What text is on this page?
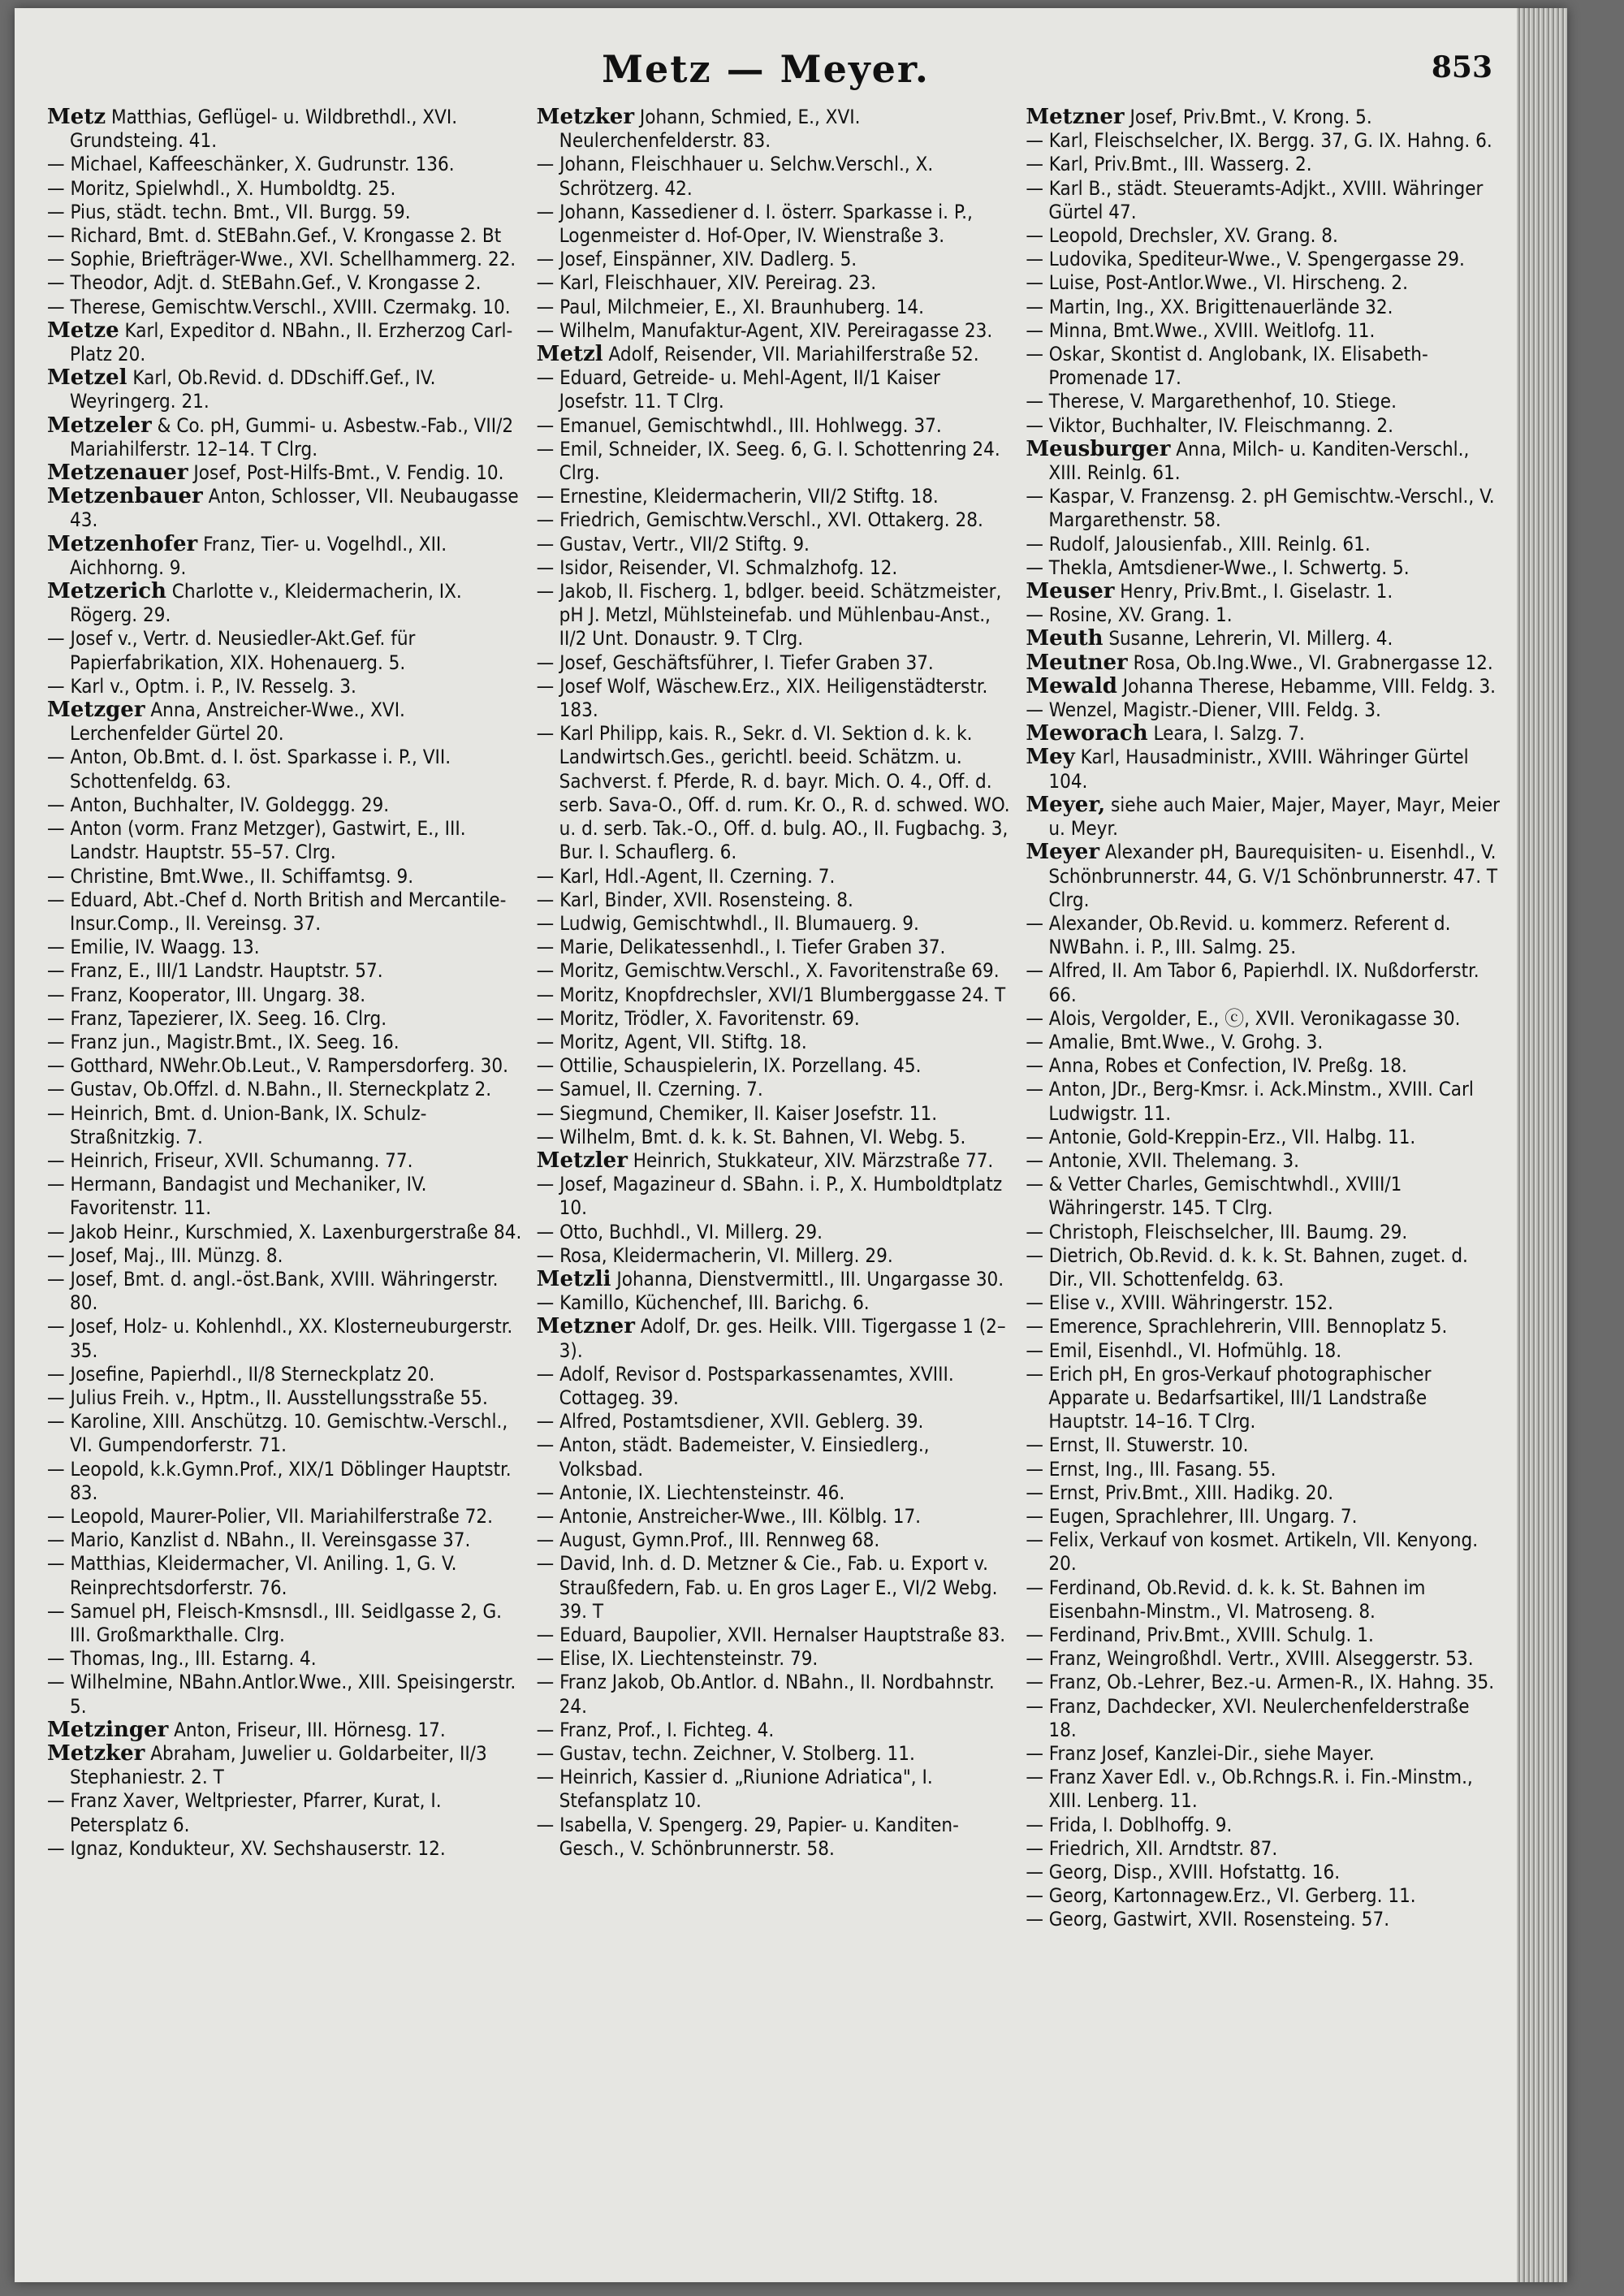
Metz — Meyer.	853

Metz Matthias, Geflügel- u. Wildbrethdl., XVI. Grundsteing. 41.

— Michael, Kaffeeschänker, X. Gudrunstr. 136.

— Moritz, Spielwhdl., X. Humboldtg. 25.

— Pius, städt. techn. Bmt., VII. Burgg. 59.

— Richard, Bmt. d. StEBahn.Gef., V. Krongasse 2. Bt

— Sophie, Briefträger-Wwe., XVI. Schellhammerg. 22.

— Theodor, Adjt. d. StEBahn.Gef., V. Krongasse 2.

— Therese, Gemischtw.Verschl., XVIII. Czermakg. 10.

Metze Karl, Expeditor d. NBahn., II. Erzherzog Carl-Platz 20.

Metzel Karl, Ob.Revid. d. DDschiff.Gef., IV. Weyringerg. 21.

Metzeler & Co. pH, Gummi- u. Asbestw.-Fab., VII/2 Mariahilferstr. 12–14. T Clrg.

Metzenauer Josef, Post-Hilfs-Bmt., V. Fendig. 10.

Metzenbauer Anton, Schlosser, VII. Neubaugasse 43.

Metzenhofer Franz, Tier- u. Vogelhdl., XII. Aichhorng. 9.

Metzerich Charlotte v., Kleidermacherin, IX. Rögerg. 29.

— Josef v., Vertr. d. Neusiedler-Akt.Gef. für Papierfabrikation, XIX. Hohenauerg. 5.

— Karl v., Optm. i. P., IV. Resselg. 3.

Metzger Anna, Anstreicher-Wwe., XVI. Lerchenfelder Gürtel 20.

— Anton, Ob.Bmt. d. I. öst. Sparkasse i. P., VII. Schottenfeldg. 63.

— Anton, Buchhalter, IV. Goldeggg. 29.

— Anton (vorm. Franz Metzger), Gastwirt, E., III. Landstr. Hauptstr. 55–57. Clrg.

— Christine, Bmt.Wwe., II. Schiffamtsg. 9.

— Eduard, Abt.-Chef d. North British and Mercantile-Insur.Comp., II. Vereinsg. 37.

— Emilie, IV. Waagg. 13.

— Franz, E., III/1 Landstr. Hauptstr. 57.

— Franz, Kooperator, III. Ungarg. 38.

— Franz, Tapezierer, IX. Seeg. 16. Clrg.

— Franz jun., Magistr.Bmt., IX. Seeg. 16.

— Gotthard, NWehr.Ob.Leut., V. Rampersdorferg. 30.

— Gustav, Ob.Offzl. d. N.Bahn., II. Sterneckplatz 2.

— Heinrich, Bmt. d. Union-Bank, IX. Schulz-Straßnitzkig. 7.

— Heinrich, Friseur, XVII. Schumanng. 77.

— Hermann, Bandagist und Mechaniker, IV. Favoritenstr. 11.

— Jakob Heinr., Kurschmied, X. Laxenburgerstraße 84.

— Josef, Maj., III. Münzg. 8.

— Josef, Bmt. d. angl.-öst.Bank, XVIII. Währingerstr. 80.

— Josef, Holz- u. Kohlenhdl., XX. Klosterneuburgerstr. 35.

— Josefine, Papierhdl., II/8 Sterneckplatz 20.

— Julius Freih. v., Hptm., II. Ausstellungsstraße 55.

— Karoline, XIII. Anschützg. 10. Gemischtw.-Verschl., VI. Gumpendorferstr. 71.

— Leopold, k.k.Gymn.Prof., XIX/1 Döblinger Hauptstr. 83.

— Leopold, Maurer-Polier, VII. Mariahilferstraße 72.

— Mario, Kanzlist d. NBahn., II. Vereinsgasse 37.

— Matthias, Kleidermacher, VI. Aniling. 1, G. V. Reinprechtsdorferstr. 76.

— Samuel pH, Fleisch-Kmsnsdl., III. Seidlgasse 2, G. III. Großmarkthalle. Clrg.

— Thomas, Ing., III. Estarng. 4.

— Wilhelmine, NBahn.Antlor.Wwe., XIII. Speisingerstr. 5.

Metzinger Anton, Friseur, III. Hörnesg. 17.

Metzker Abraham, Juwelier u. Goldarbeiter, II/3 Stephaniestr. 2. T

— Franz Xaver, Weltpriester, Pfarrer, Kurat, I. Petersplatz 6.

— Ignaz, Kondukteur, XV. Sechshauserstr. 12.

Metzker Johann, Schmied, E., XVI. Neulerchenfelderstr. 83.

— Johann, Fleischhauer u. Selchw.Verschl., X. Schrötzerg. 42.

— Johann, Kassediener d. I. österr. Sparkasse i. P., Logenmeister d. Hof-Oper, IV. Wienstraße 3.

— Josef, Einspänner, XIV. Dadlerg. 5.

— Karl, Fleischhauer, XIV. Pereirag. 23.

— Paul, Milchmeier, E., XI. Braunhuberg. 14.

— Wilhelm, Manufaktur-Agent, XIV. Pereiragasse 23.

Metzl Adolf, Reisender, VII. Mariahilferstraße 52.

— Eduard, Getreide- u. Mehl-Agent, II/1 Kaiser Josefstr. 11. T Clrg.

— Emanuel, Gemischtwhdl., III. Hohlwegg. 37.

— Emil, Schneider, IX. Seeg. 6, G. I. Schottenring 24. Clrg.

— Ernestine, Kleidermacherin, VII/2 Stiftg. 18.

— Friedrich, Gemischtw.Verschl., XVI. Ottakerg. 28.

— Gustav, Vertr., VII/2 Stiftg. 9.

— Isidor, Reisender, VI. Schmalzhofg. 12.

— Jakob, II. Fischerg. 1, bdlger. beeid. Schätzmeister, pH J. Metzl, Mühlsteinefab. und Mühlenbau-Anst., II/2 Unt. Donaustr. 9. T Clrg.

— Josef, Geschäftsführer, I. Tiefer Graben 37.

— Josef Wolf, Wäschew.Erz., XIX. Heiligenstädterstr. 183.

— Karl Philipp, kais. R., Sekr. d. VI. Sektion d. k. k. Landwirtsch.Ges., gerichtl. beeid. Schätzm. u. Sachverst. f. Pferde, R. d. bayr. Mich. O. 4., Off. d. serb. Sava-O., Off. d. rum. Kr. O., R. d. schwed. WO. u. d. serb. Tak.-O., Off. d. bulg. AO., II. Fugbachg. 3, Bur. I. Schauflerg. 6.

— Karl, Hdl.-Agent, II. Czerning. 7.

— Karl, Binder, XVII. Rosensteing. 8.

— Ludwig, Gemischtwhdl., II. Blumauerg. 9.

— Marie, Delikatessenhdl., I. Tiefer Graben 37.

— Moritz, Gemischtw.Verschl., X. Favoritenstraße 69.

— Moritz, Knopfdrechsler, XVI/1 Blumberggasse 24. T

— Moritz, Trödler, X. Favoritenstr. 69.

— Moritz, Agent, VII. Stiftg. 18.

— Ottilie, Schauspielerin, IX. Porzellang. 45.

— Samuel, II. Czerning. 7.

— Siegmund, Chemiker, II. Kaiser Josefstr. 11.

— Wilhelm, Bmt. d. k. k. St. Bahnen, VI. Webg. 5.

Metzler Heinrich, Stukkateur, XIV. Märzstraße 77.

— Josef, Magazineur d. SBahn. i. P., X. Humboldtplatz 10.

— Otto, Buchhdl., VI. Millerg. 29.

— Rosa, Kleidermacherin, VI. Millerg. 29.

Metzli Johanna, Dienstvermittl., III. Ungargasse 30.

— Kamillo, Küchenchef, III. Barichg. 6.

Metzner Adolf, Dr. ges. Heilk. VIII. Tigergasse 1 (2–3).

— Adolf, Revisor d. Postsparkassenamtes, XVIII. Cottageg. 39.

— Alfred, Postamtsdiener, XVII. Geblerg. 39.

— Anton, städt. Bademeister, V. Einsiedlerg., Volksbad.

— Antonie, IX. Liechtensteinstr. 46.

— Antonie, Anstreicher-Wwe., III. Kölblg. 17.

— August, Gymn.Prof., III. Rennweg 68.

— David, Inh. d. D. Metzner & Cie., Fab. u. Export v. Straußfedern, Fab. u. En gros Lager E., VI/2 Webg. 39. T

— Eduard, Baupolier, XVII. Hernalser Hauptstraße 83.

— Elise, IX. Liechtensteinstr. 79.

— Franz Jakob, Ob.Antlor. d. NBahn., II. Nordbahnstr. 24.

— Franz, Prof., I. Fichteg. 4.

— Gustav, techn. Zeichner, V. Stolberg. 11.

— Heinrich, Kassier d. „Riunione Adriatica", I. Stefansplatz 10.

— Isabella, V. Spengerg. 29, Papier- u. Kanditen-Gesch., V. Schönbrunnerstr. 58.

Metzner Josef, Priv.Bmt., V. Krong. 5.

— Karl, Fleischselcher, IX. Bergg. 37, G. IX. Hahng. 6.

— Karl, Priv.Bmt., III. Wasserg. 2.

— Karl B., städt. Steueramts-Adjkt., XVIII. Währinger Gürtel 47.

— Leopold, Drechsler, XV. Grang. 8.

— Ludovika, Spediteur-Wwe., V. Spengergasse 29.

— Luise, Post-Antlor.Wwe., VI. Hirscheng. 2.

— Martin, Ing., XX. Brigittenauerlände 32.

— Minna, Bmt.Wwe., XVIII. Weitlofg. 11.

— Oskar, Skontist d. Anglobank, IX. Elisabeth-Promenade 17.

— Therese, V. Margarethenhof, 10. Stiege.

— Viktor, Buchhalter, IV. Fleischmanng. 2.

Meusburger Anna, Milch- u. Kanditen-Verschl., XIII. Reinlg. 61.

— Kaspar, V. Franzensg. 2. pH Gemischtw.-Verschl., V. Margarethenstr. 58.

— Rudolf, Jalousienfab., XIII. Reinlg. 61.

— Thekla, Amtsdiener-Wwe., I. Schwertg. 5.

Meuser Henry, Priv.Bmt., I. Giselastr. 1.

— Rosine, XV. Grang. 1.

Meuth Susanne, Lehrerin, VI. Millerg. 4.

Meutner Rosa, Ob.Ing.Wwe., VI. Grabnergasse 12.

Mewald Johanna Therese, Hebamme, VIII. Feldg. 3.

— Wenzel, Magistr.-Diener, VIII. Feldg. 3.

Meworach Leara, I. Salzg. 7.

Mey Karl, Hausadministr., XVIII. Währinger Gürtel 104.

Meyer, siehe auch Maier, Majer, Mayer, Mayr, Meier u. Meyr.

Meyer Alexander pH, Baurequisiten- u. Eisenhdl., V. Schönbrunnerstr. 44, G. V/1 Schönbrunnerstr. 47. T Clrg.

— Alexander, Ob.Revid. u. kommerz. Referent d. NWBahn. i. P., III. Salmg. 25.

— Alfred, II. Am Tabor 6, Papierhdl. IX. Nußdorferstr. 66.

— Alois, Vergolder, E., ⓒ, XVII. Veronikagasse 30.

— Amalie, Bmt.Wwe., V. Grohg. 3.

— Anna, Robes et Confection, IV. Preßg. 18.

— Anton, JDr., Berg-Kmsr. i. Ack.Minstm., XVIII. Carl Ludwigstr. 11.

— Antonie, Gold-Kreppin-Erz., VII. Halbg. 11.

— Antonie, XVII. Thelemang. 3.

— & Vetter Charles, Gemischtwhdl., XVIII/1 Währingerstr. 145. T Clrg.

— Christoph, Fleischselcher, III. Baumg. 29.

— Dietrich, Ob.Revid. d. k. k. St. Bahnen, zuget. d. Dir., VII. Schottenfeldg. 63.

— Elise v., XVIII. Währingerstr. 152.

— Emerence, Sprachlehrerin, VIII. Bennoplatz 5.

— Emil, Eisenhdl., VI. Hofmühlg. 18.

— Erich pH, En gros-Verkauf photographischer Apparate u. Bedarfsartikel, III/1 Landstraße Hauptstr. 14–16. T Clrg.

— Ernst, II. Stuwerstr. 10.

— Ernst, Ing., III. Fasang. 55.

— Ernst, Priv.Bmt., XIII. Hadikg. 20.

— Eugen, Sprachlehrer, III. Ungarg. 7.

— Felix, Verkauf von kosmet. Artikeln, VII. Kenyong. 20.

— Ferdinand, Ob.Revid. d. k. k. St. Bahnen im Eisenbahn-Minstm., VI. Matroseng. 8.

— Ferdinand, Priv.Bmt., XVIII. Schulg. 1.

— Franz, Weingroßhdl. Vertr., XVIII. Alseggerstr. 53.

— Franz, Ob.-Lehrer, Bez.-u. Armen-R., IX. Hahng. 35.

— Franz, Dachdecker, XVI. Neulerchenfelderstraße 18.

— Franz Josef, Kanzlei-Dir., siehe Mayer.

— Franz Xaver Edl. v., Ob.Rchngs.R. i. Fin.-Minstm., XIII. Lenberg. 11.

— Frida, I. Doblhoffg. 9.

— Friedrich, XII. Arndtstr. 87.

— Georg, Disp., XVIII. Hofstattg. 16.

— Georg, Kartonnagew.Erz., VI. Gerberg. 11.

— Georg, Gastwirt, XVII. Rosensteing. 57.
